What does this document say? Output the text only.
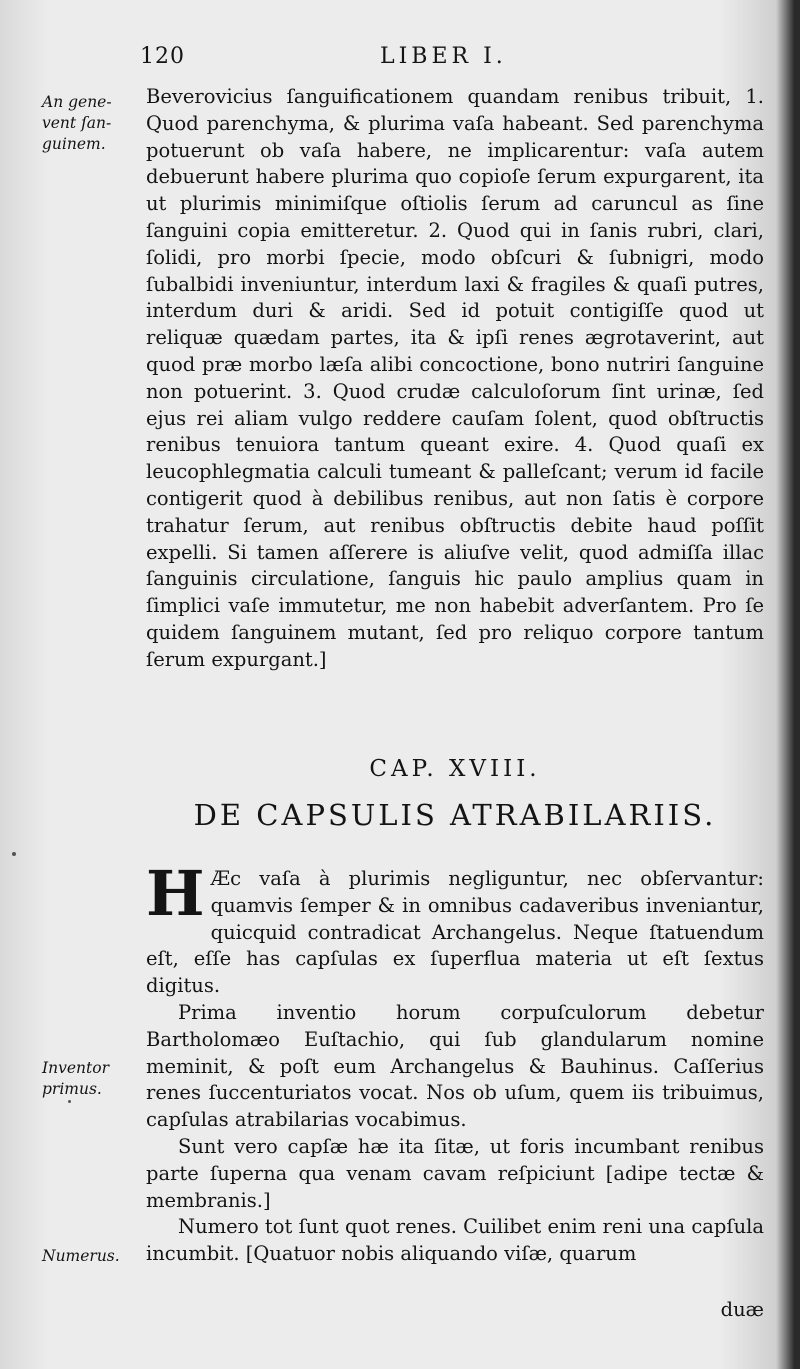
120	LIBER I.
An gene-vent ſan-guinem.

Beverovicius ſanguificationem quandam renibus tribuit, 1. Quod parenchyma, & plurima vaſa habeant. Sed parenchyma potuerunt ob vaſa habere, ne implicarentur: vaſa autem debuerunt habere plurima quo copioſe ſerum expurgarent, ita ut plurimis minimiſque oſtiolis ſerum ad caruncul as ſine ſanguini copia emitteretur. 2. Quod qui in ſanis rubri, clari, ſolidi, pro morbi ſpecie, modo obſcuri & ſubnigri, modo ſubalbidi inveniuntur, interdum laxi & fragiles & quaſi putres, interdum duri & aridi. Sed id potuit contigiſſe quod ut reliquæ quædam partes, ita & ipſi renes ægrotaverint, aut quod præ morbo læſa alibi concoctione, bono nutriri ſanguine non potuerint. 3. Quod crudæ calculoſorum ſint urinæ, ſed ejus rei aliam vulgo reddere cauſam ſolent, quod obſtructis renibus tenuiora tantum queant exire. 4. Quod quaſi ex leucophlegmatia calculi tumeant & palleſcant; verum id facile contigerit quod à debilibus renibus, aut non ſatis è corpore trahatur ſerum, aut renibus obſtructis debite haud poſſit expelli. Si tamen aſſerere is aliuſve velit, quod admiſſa illac ſanguinis circulatione, ſanguis hic paulo amplius quam in ſimplici vaſe immutetur, me non habebit adverſantem. Pro ſe quidem ſanguinem mutant, ſed pro reliquo corpore tantum ſerum expurgant.]

CAP. XVIII.
DE CAPSULIS ATRABILARIIS.

H Æc vaſa à plurimis negliguntur, nec obſervantur: quamvis ſemper & in omnibus cadaveribus inveniantur, quicquid contradicat Archangelus. Neque ſtatuendum eſt, eſſe has capſulas ex ſuperflua materia ut eſt ſextus digitus.

Prima inventio horum corpuſculorum debetur Bartholomæo Euſtachio, qui ſub glandularum nomine meminit, & poſt eum Archangelus & Bauhinus. Caſſerius renes ſuccenturiatos vocat. Nos ob uſum, quem iis tribuimus, capſulas atrabilarias vocabimus.

Sunt vero capſæ hæ ita ſitæ, ut foris incumbant renibus parte ſuperna qua venam cavam reſpiciunt [adipe tectæ & membranis.]

Numero tot ſunt quot renes. Cuilibet enim reni una capſula incumbit. [Quatuor nobis aliquando viſæ, quarum

Inventor primus.
Numerus.
duæ
